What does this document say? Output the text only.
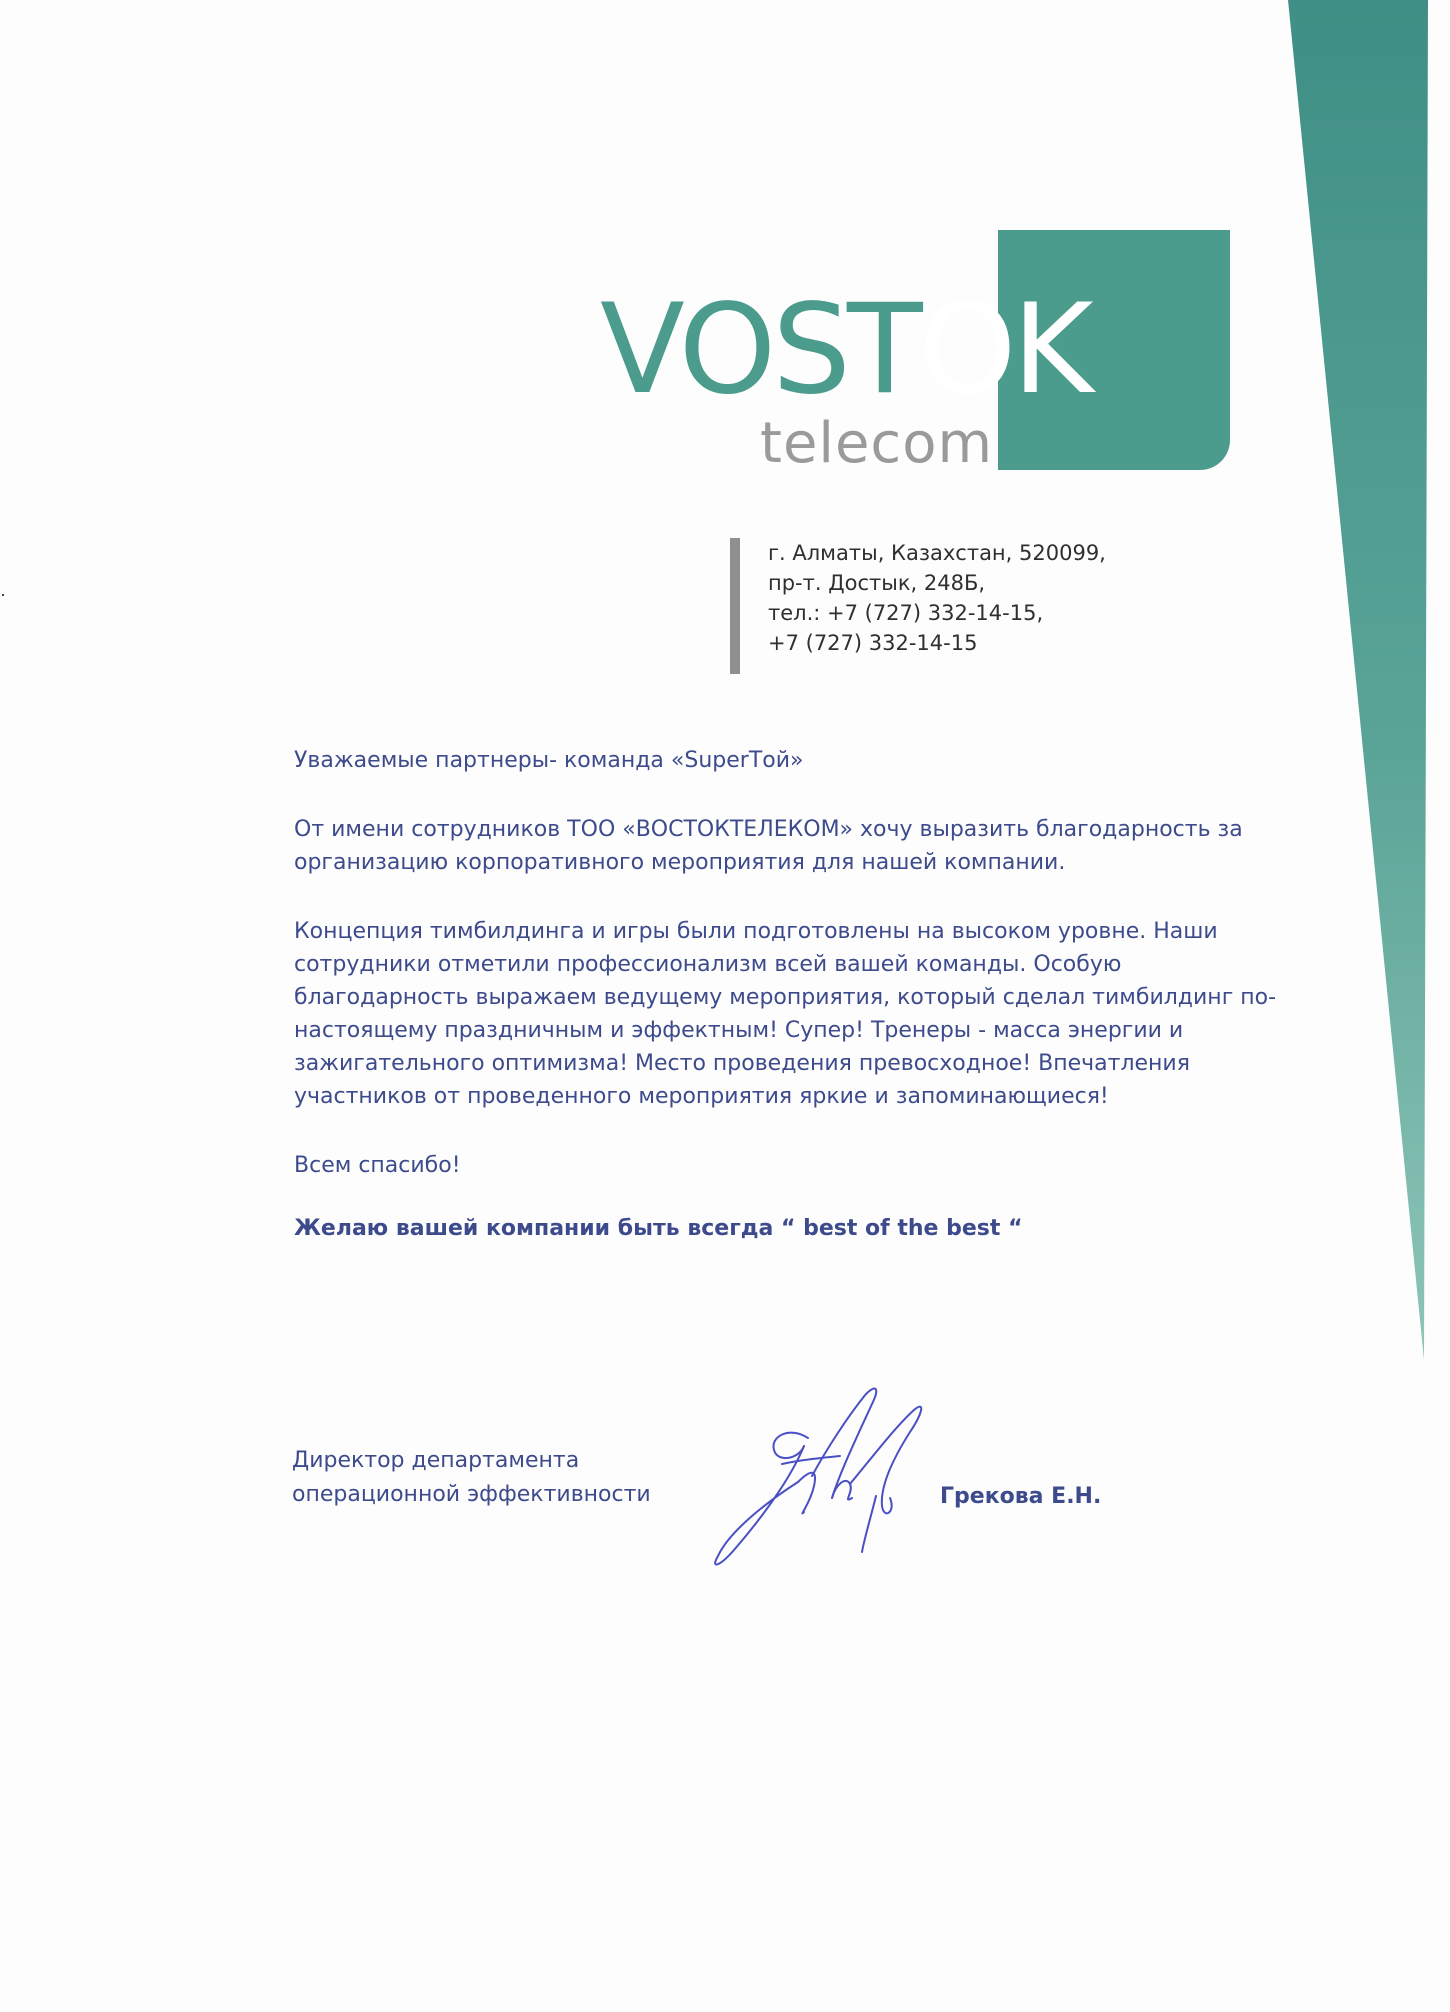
VOSTOK
telecom
г. Алматы, Казахстан, 520099,
пр-т. Достык, 248Б,
тел.: +7 (727) 332-14-15,
+7 (727) 332-14-15

Уважаемые партнеры- команда «SuperТой»

От имени сотрудников ТОО «ВОСТОКТЕЛЕКОМ» хочу выразить благодарность за организацию корпоративного мероприятия для нашей компании.

Концепция тимбилдинга и игры были подготовлены на высоком уровне. Наши сотрудники отметили профессионализм всей вашей команды. Особую благодарность выражаем ведущему мероприятия, который сделал тимбилдинг по-настоящему праздничным и эффектным! Супер! Тренеры - масса энергии и зажигательного оптимизма! Место проведения превосходное! Впечатления участников от проведенного мероприятия яркие и запоминающиеся!

Всем спасибо!

Желаю вашей компании быть всегда “ best of the best “

Директор департамента
операционной эффективности	Грекова Е.Н.
